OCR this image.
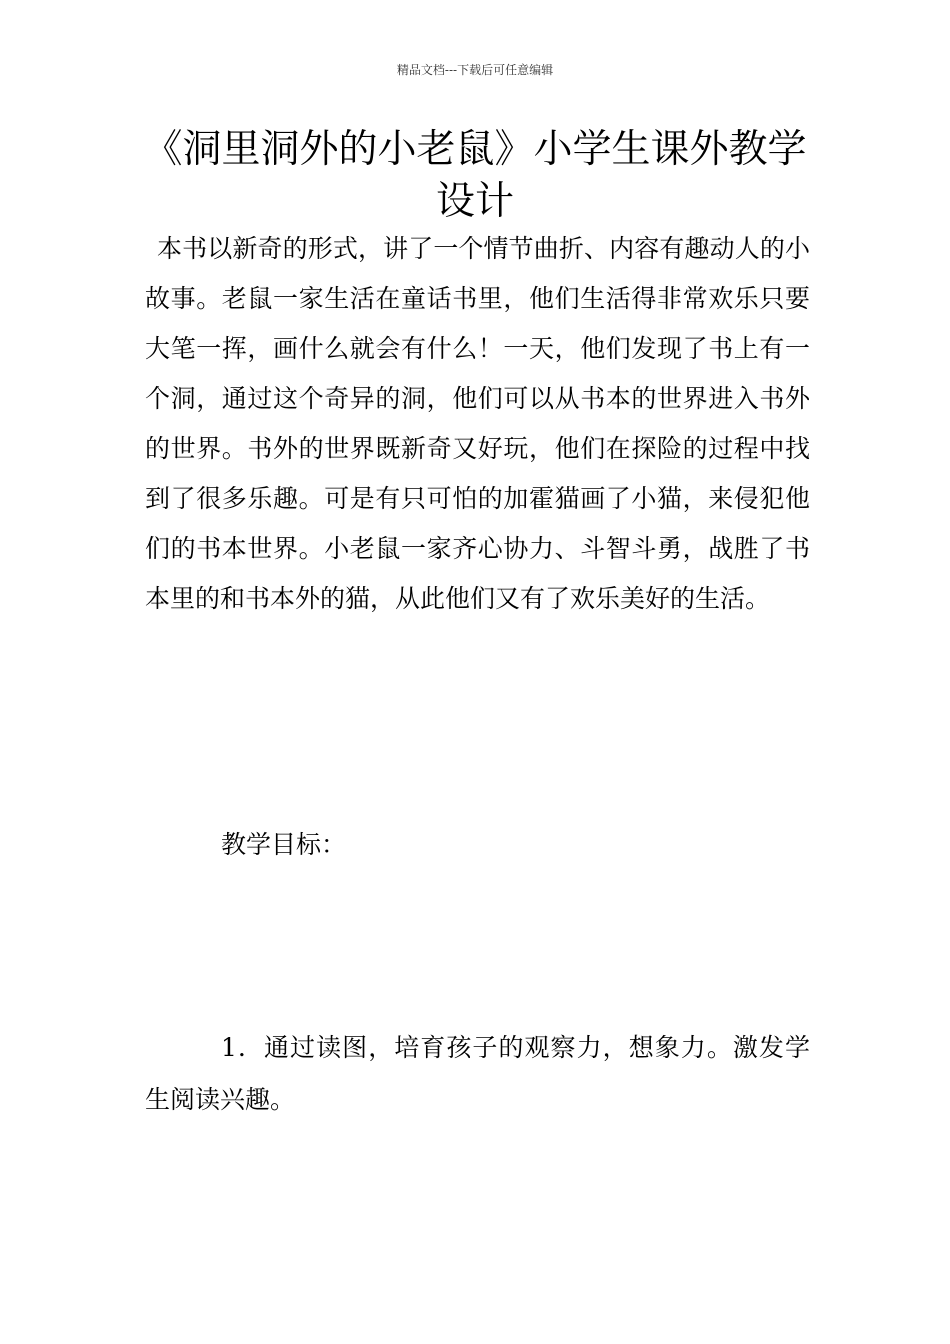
精品文档---下载后可任意编辑
《洞里洞外的小老鼠》小学生课外教学设计

本书以新奇的形式，讲了一个情节曲折、内容有趣动人的小故事。老鼠一家生活在童话书里，他们生活得非常欢乐只要大笔一挥，画什么就会有什么！一天，他们发现了书上有一个洞，通过这个奇异的洞，他们可以从书本的世界进入书外的世界。书外的世界既新奇又好玩，他们在探险的过程中找到了很多乐趣。可是有只可怕的加霍猫画了小猫，来侵犯他们的书本世界。小老鼠一家齐心协力、斗智斗勇，战胜了书本里的和书本外的猫，从此他们又有了欢乐美好的生活。

教学目标：

1．通过读图，培育孩子的观察力，想象力。激发学生阅读兴趣。
